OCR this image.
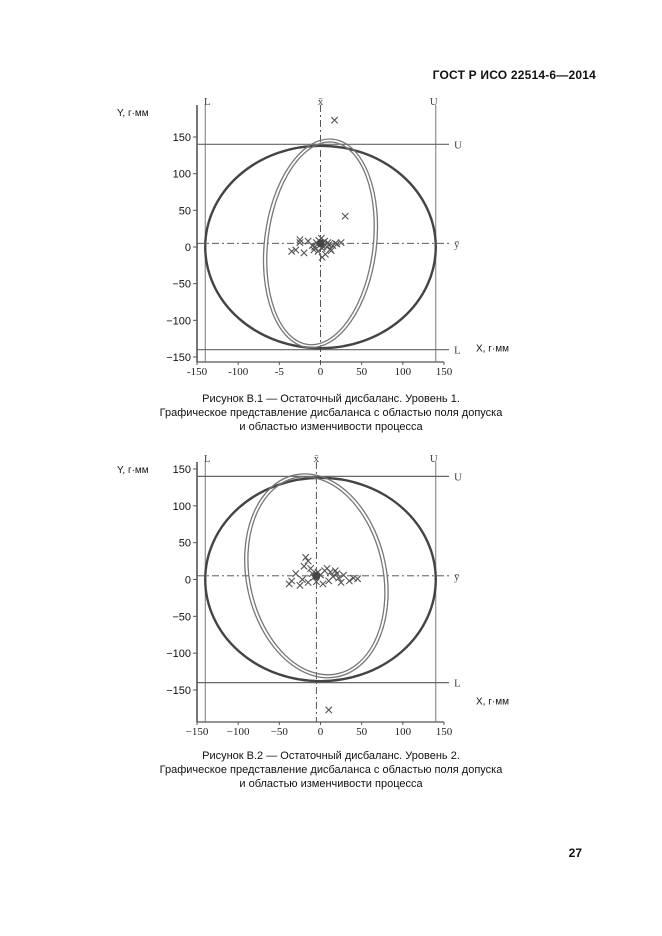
ГОСТ Р ИСО 22514-6—2014
150
100
50
0
−50
−100
−150
-150 -100 -5	0	50 100 150
Y, г·мм
X, г·мм
L	U
x̄
U
ȳ
L
Рисунок В.1 — Остаточный дисбаланс. Уровень 1.
Графическое представление дисбаланса с областью поля допуска
и областью изменчивости процесса
150
100
50
0
−50
−100
−150
−150 −100 −50	0	50 100 150
Y, г·мм
X, г·мм
L	U
x̄
U
ȳ
L
Рисунок В.2 — Остаточный дисбаланс. Уровень 2.
Графическое представление дисбаланса с областью поля допуска
и областью изменчивости процесса
27
